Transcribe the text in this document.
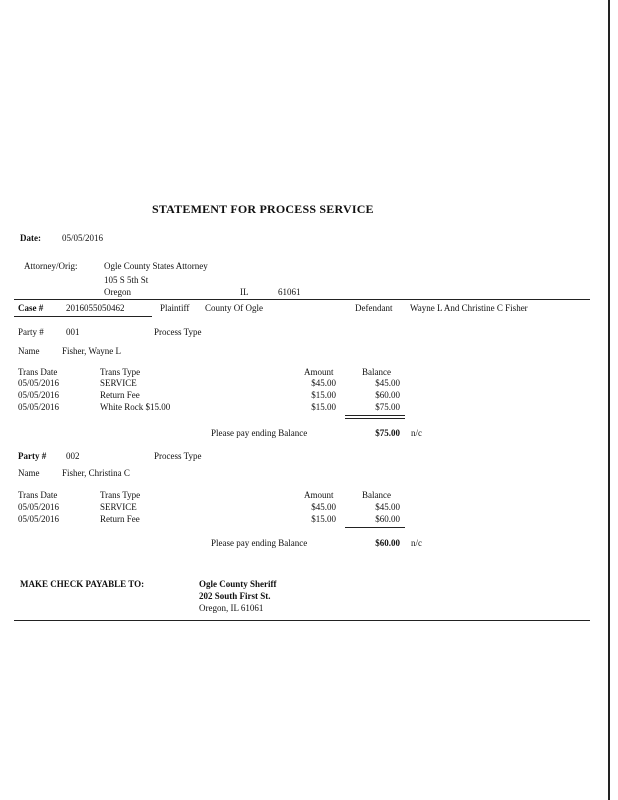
STATEMENT FOR PROCESS SERVICE
Date: 05/05/2016
Attorney/Orig:	Ogle County States Attorney
105 S 5th St
Oregon	IL	61061
Case #	2016055050462	Plaintiff County Of Ogle	Defendant Wayne L And Christine C Fisher
Party # 001	Process Type
Name	Fisher, Wayne L
Trans Date	Trans Type	Amount	Balance
05/05/2016	SERVICE	$45.00	$45.00
05/05/2016	Return Fee	$15.00	$60.00
05/05/2016	White Rock $15.00	$15.00	$75.00
Please pay ending Balance	$75.00 n/c
Party # 002	Process Type
Name	Fisher, Christina C
Trans Date	Trans Type	Amount	Balance
05/05/2016	SERVICE	$45.00	$45.00
05/05/2016	Return Fee	$15.00	$60.00
Please pay ending Balance	$60.00 n/c
MAKE CHECK PAYABLE TO:	Ogle County Sheriff
202 South First St.
Oregon, IL 61061
